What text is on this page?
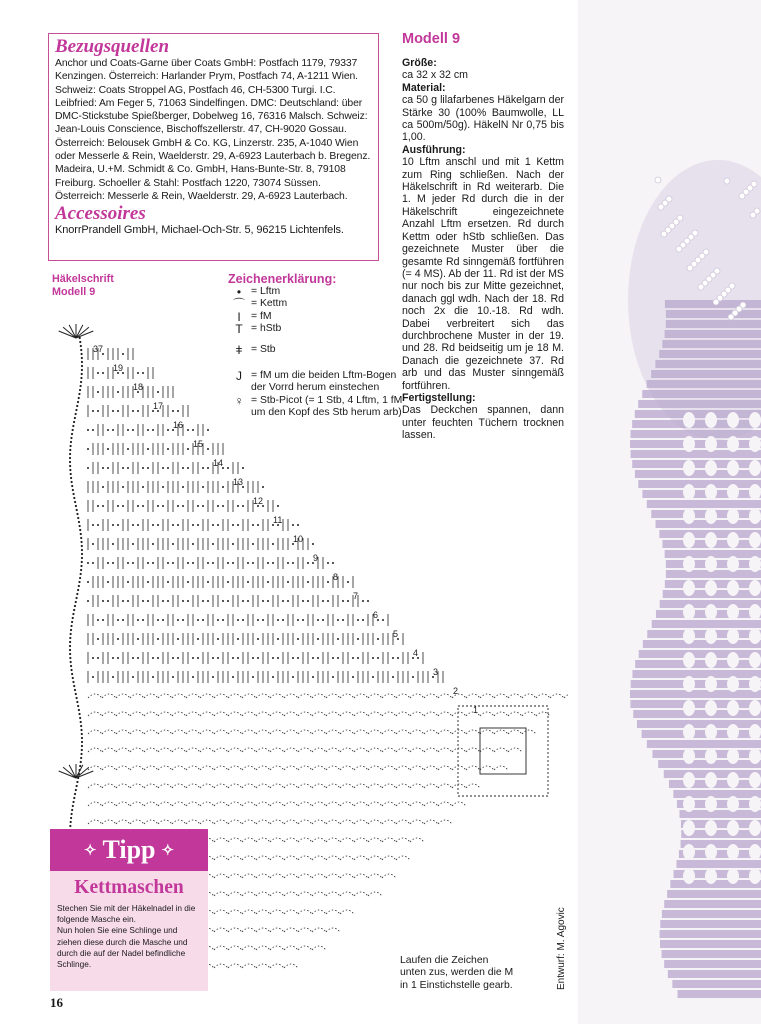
Bezugsquellen

Anchor und Coats-Garne über Coats GmbH: Postfach 1179, 79337 Kenzingen. Österreich: Harlander Prym, Postfach 74, A-1211 Wien. Schweiz: Coats Stroppel AG, Postfach 46, CH-5300 Turgi. I.C. Leibfried: Am Feger 5, 71063 Sindelfingen. DMC: Deutschland: über DMC-Stickstube Spießberger, Dobelweg 16, 76316 Malsch. Schweiz: Jean-Louis Conscience, Bischoffszellerstr. 47, CH-9020 Gossau. Österreich: Belousek GmbH & Co. KG, Linzerstr. 235, A-1040 Wien oder Messerle & Rein, Waelderstr. 29, A-6923 Lauterbach b. Bregenz. Madeira, U.+M. Schmidt & Co. GmbH, Hans-Bunte-Str. 8, 79108 Freiburg. Schoeller & Stahl: Postfach 1220, 73074 Süssen. Österreich: Messerle & Rein, Waelderstr. 29, A-6923 Lauterbach.

Accessoires

KnorrPrandell GmbH, Michael-Och-Str. 5, 96215 Lichtenfels.

Modell 9

Größe:
ca 32 x 32 cm
Material:
ca 50 g lilafarbenes Häkelgarn der Stärke 30 (100% Baumwolle, LL ca 500m/50g). HäkelN Nr 0,75 bis 1,00.
Ausführung:
10 Lftm anschl und mit 1 Kettm zum Ring schließen. Nach der Häkelschrift in Rd weiterarb. Die 1. M jeder Rd durch die in der Häkelschrift eingezeichnete Anzahl Lftm ersetzen. Rd durch Kettm oder hStb schließen. Das gezeichnete Muster über die gesamte Rd sinngemäß fortführen (= 4 MS). Ab der 11. Rd ist der MS nur noch bis zur Mitte gezeichnet, danach ggl wdh. Nach der 18. Rd noch 2x die 10.-18. Rd wdh. Dabei verbreitert sich das durchbrochene Muster in der 19. und 28. Rd beidseitig um je 18 M. Danach die gezeichnete 37. Rd arb und das Muster sinngemäß fortführen.
Fertigstellung:
Das Deckchen spannen, dann unter feuchten Tüchern trocknen lassen.
Häkelschrift
Modell 9
Zeichenerklärung:
• = Lftm
⌒ = Kettm
I = fM
T = hStb
ǂ = Stb
J = fM um die beiden Lftm-Bogen der Vorrd herum einstechen
♀ = Stb-Picot (= 1 Stb, 4 Lftm, 1 fM um den Kopf des Stb herum arb)
37
19
18
17
16
15
14
13
12
11
10
9
8
7
6
5
4
3
2
1
Laufen die Zeichen
unten zus, werden die M
in 1 Einstichstelle gearb.	Entwurf: M. Agovic
16
✧ Tipp ✧
Kettmaschen
Stechen Sie mit der Häkelnadel in die folgende Masche ein.
Nun holen Sie eine Schlinge und ziehen diese durch die Masche und durch die auf der Nadel befindliche Schlinge.
